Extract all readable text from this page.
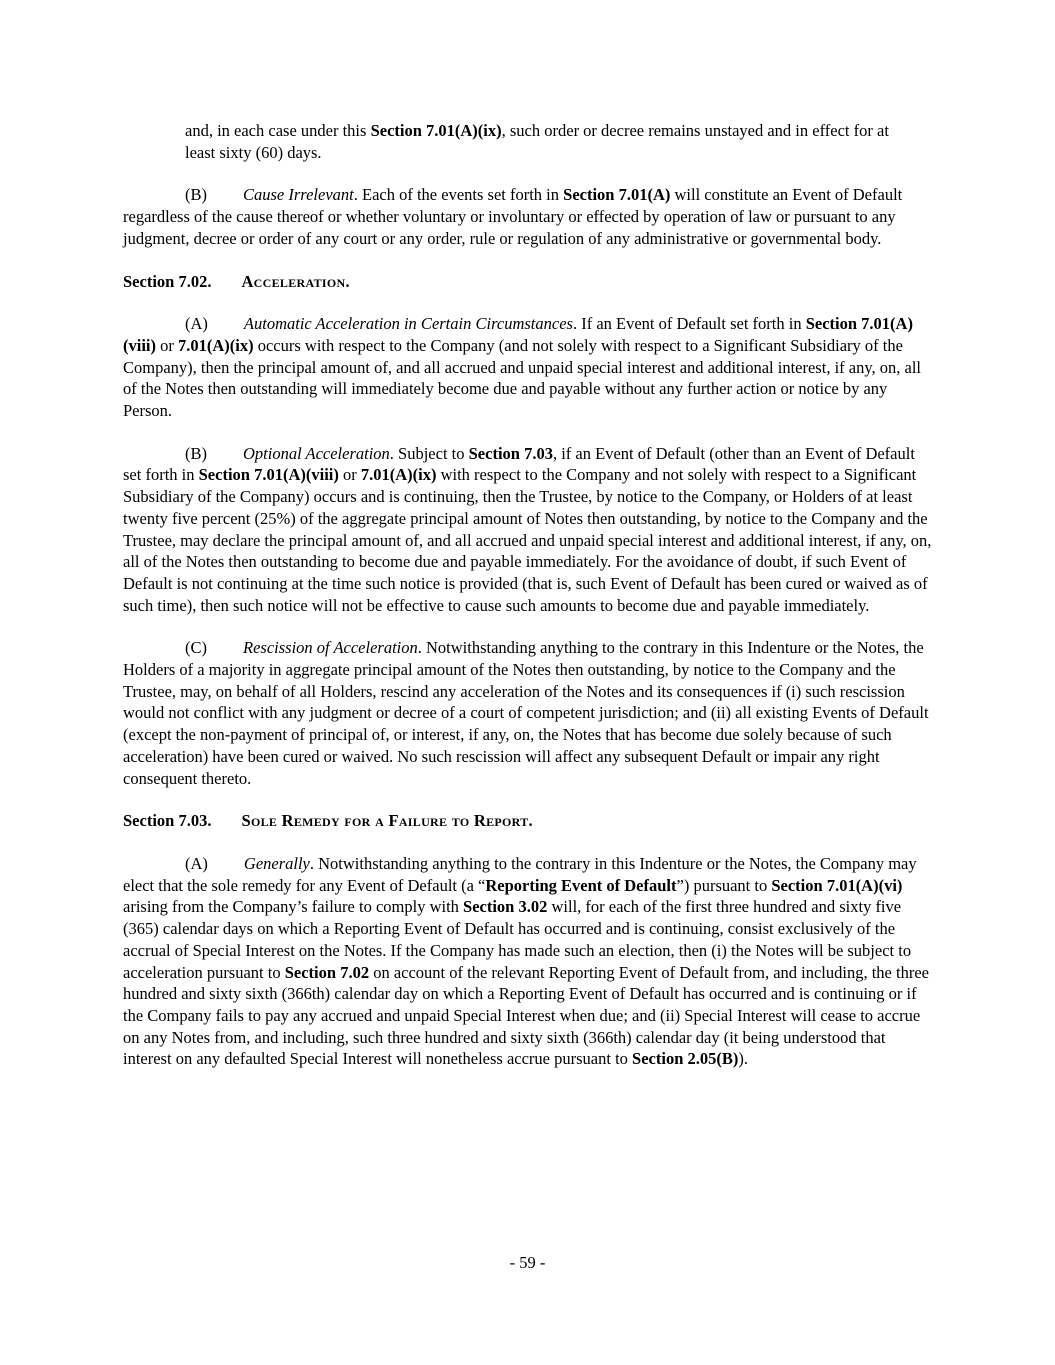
and, in each case under this Section 7.01(A)(ix), such order or decree remains unstayed and in effect for at least sixty (60) days.

(B) Cause Irrelevant. Each of the events set forth in Section 7.01(A) will constitute an Event of Default regardless of the cause thereof or whether voluntary or involuntary or effected by operation of law or pursuant to any judgment, decree or order of any court or any order, rule or regulation of any administrative or governmental body.

Section 7.02. Acceleration.

(A) Automatic Acceleration in Certain Circumstances. If an Event of Default set forth in Section 7.01(A)(viii) or 7.01(A)(ix) occurs with respect to the Company (and not solely with respect to a Significant Subsidiary of the Company), then the principal amount of, and all accrued and unpaid special interest and additional interest, if any, on, all of the Notes then outstanding will immediately become due and payable without any further action or notice by any Person.

(B) Optional Acceleration. Subject to Section 7.03, if an Event of Default (other than an Event of Default set forth in Section 7.01(A)(viii) or 7.01(A)(ix) with respect to the Company and not solely with respect to a Significant Subsidiary of the Company) occurs and is continuing, then the Trustee, by notice to the Company, or Holders of at least twenty five percent (25%) of the aggregate principal amount of Notes then outstanding, by notice to the Company and the Trustee, may declare the principal amount of, and all accrued and unpaid special interest and additional interest, if any, on, all of the Notes then outstanding to become due and payable immediately. For the avoidance of doubt, if such Event of Default is not continuing at the time such notice is provided (that is, such Event of Default has been cured or waived as of such time), then such notice will not be effective to cause such amounts to become due and payable immediately.

(C) Rescission of Acceleration. Notwithstanding anything to the contrary in this Indenture or the Notes, the Holders of a majority in aggregate principal amount of the Notes then outstanding, by notice to the Company and the Trustee, may, on behalf of all Holders, rescind any acceleration of the Notes and its consequences if (i) such rescission would not conflict with any judgment or decree of a court of competent jurisdiction; and (ii) all existing Events of Default (except the non-payment of principal of, or interest, if any, on, the Notes that has become due solely because of such acceleration) have been cured or waived. No such rescission will affect any subsequent Default or impair any right consequent thereto.

Section 7.03. Sole Remedy for a Failure to Report.

(A) Generally. Notwithstanding anything to the contrary in this Indenture or the Notes, the Company may elect that the sole remedy for any Event of Default (a “Reporting Event of Default”) pursuant to Section 7.01(A)(vi) arising from the Company’s failure to comply with Section 3.02 will, for each of the first three hundred and sixty five (365) calendar days on which a Reporting Event of Default has occurred and is continuing, consist exclusively of the accrual of Special Interest on the Notes. If the Company has made such an election, then (i) the Notes will be subject to acceleration pursuant to Section 7.02 on account of the relevant Reporting Event of Default from, and including, the three hundred and sixty sixth (366th) calendar day on which a Reporting Event of Default has occurred and is continuing or if the Company fails to pay any accrued and unpaid Special Interest when due; and (ii) Special Interest will cease to accrue on any Notes from, and including, such three hundred and sixty sixth (366th) calendar day (it being understood that interest on any defaulted Special Interest will nonetheless accrue pursuant to Section 2.05(B)).

- 59 -
